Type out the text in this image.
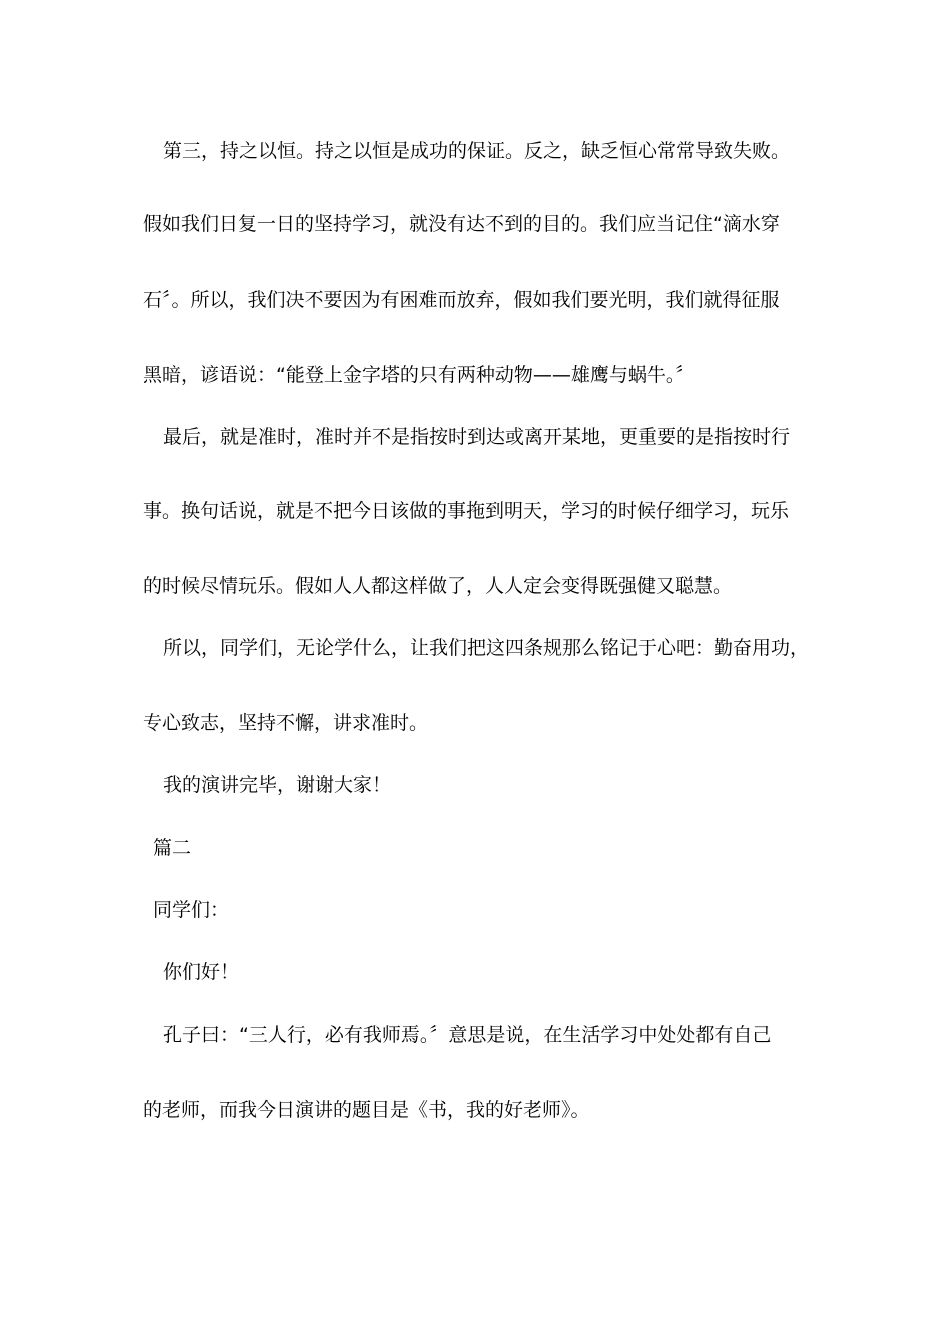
第三，持之以恒。持之以恒是成功的保证。反之，缺乏恒心常常导致失败。
假如我们日复一日的坚持学习，就没有达不到的目的。我们应当记住“滴水穿
石〞。所以，我们决不要因为有困难而放弃，假如我们要光明，我们就得征服
黑暗，谚语说：“能登上金字塔的只有两种动物——雄鹰与蜗牛。〞
最后，就是准时，准时并不是指按时到达或离开某地，更重要的是指按时行
事。换句话说，就是不把今日该做的事拖到明天，学习的时候仔细学习，玩乐
的时候尽情玩乐。假如人人都这样做了，人人定会变得既强健又聪慧。
所以，同学们，无论学什么，让我们把这四条规那么铭记于心吧：勤奋用功，
专心致志，坚持不懈，讲求准时。
我的演讲完毕，谢谢大家！
篇二
同学们：
你们好！
孔子曰：“三人行，必有我师焉。〞意思是说，在生活学习中处处都有自己
的老师，而我今日演讲的题目是《书，我的好老师》。
